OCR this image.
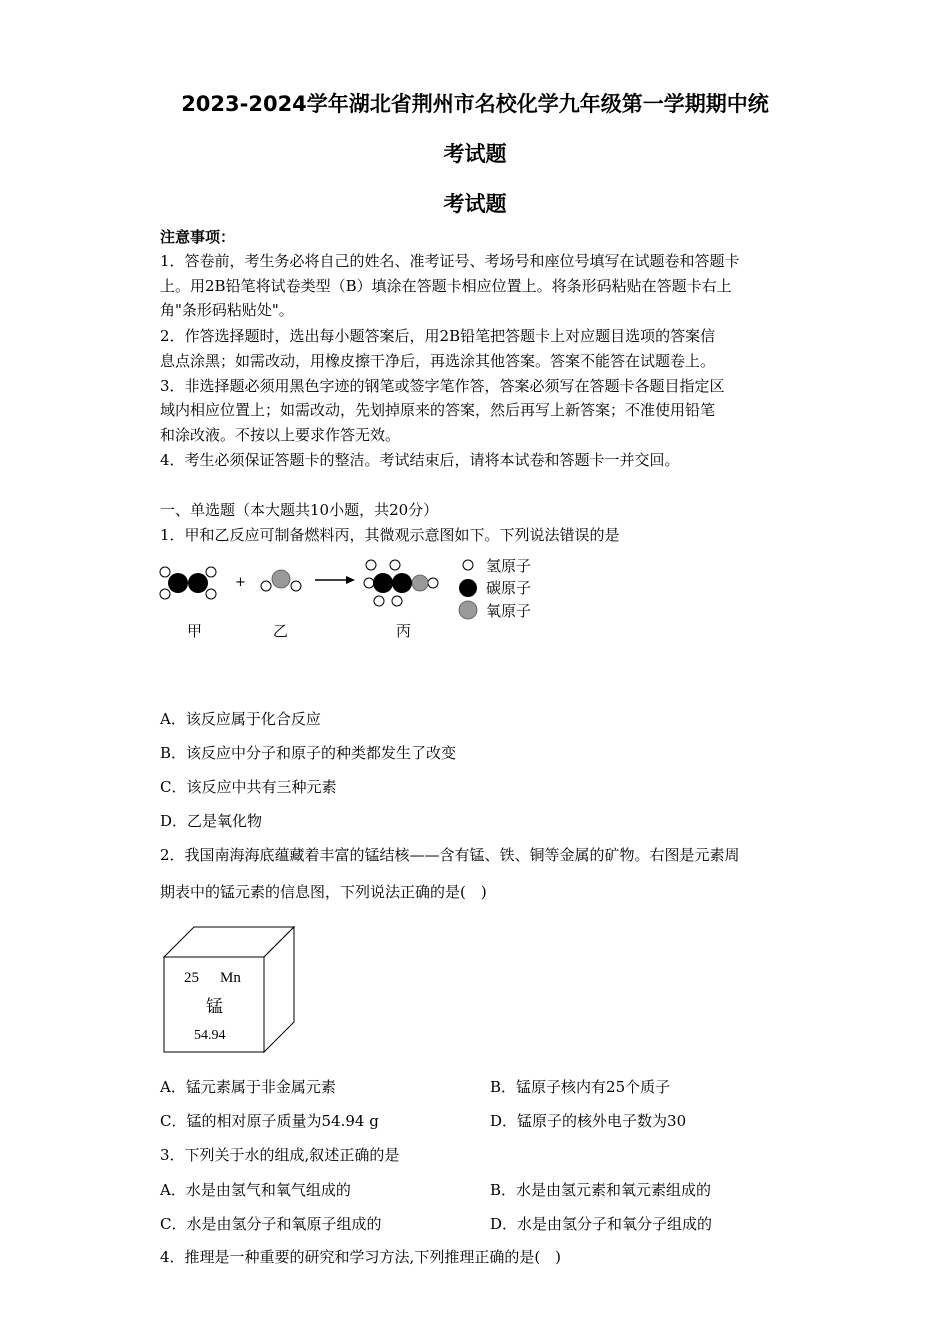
2023-2024学年湖北省荆州市名校化学九年级第一学期期中统
考试题
考试题
注意事项：
1．答卷前，考生务必将自己的姓名、准考证号、考场号和座位号填写在试题卷和答题卡
上。用2B铅笔将试卷类型（B）填涂在答题卡相应位置上。将条形码粘贴在答题卡右上
角"条形码粘贴处"。
2．作答选择题时，选出每小题答案后，用2B铅笔把答题卡上对应题目选项的答案信
息点涂黑；如需改动，用橡皮擦干净后，再选涂其他答案。答案不能答在试题卷上。
3．非选择题必须用黑色字迹的钢笔或签字笔作答，答案必须写在答题卡各题目指定区
域内相应位置上；如需改动，先划掉原来的答案，然后再写上新答案；不准使用铅笔
和涂改液。不按以上要求作答无效。
4．考生必须保证答题卡的整洁。考试结束后，请将本试卷和答题卡一并交回。
一、单选题（本大题共10小题，共20分）
1．甲和乙反应可制备燃料丙，其微观示意图如下。下列说法错误的是
+
氢原子
碳原子
氧原子
甲	乙	丙
A．该反应属于化合反应
B．该反应中分子和原子的种类都发生了改变
C．该反应中共有三种元素
D．乙是氧化物
2．我国南海海底蕴藏着丰富的锰结核——含有锰、铁、铜等金属的矿物。右图是元素周
期表中的锰元素的信息图，下列说法正确的是(　)
25 Mn
锰
54.94
A．锰元素属于非金属元素	B．锰原子核内有25个质子
C．锰的相对原子质量为54.94 g	D．锰原子的核外电子数为30
3．下列关于水的组成,叙述正确的是
A．水是由氢气和氧气组成的	B．水是由氢元素和氧元素组成的
C．水是由氢分子和氧原子组成的	D．水是由氢分子和氧分子组成的
4．推理是一种重要的研究和学习方法,下列推理正确的是(　)
